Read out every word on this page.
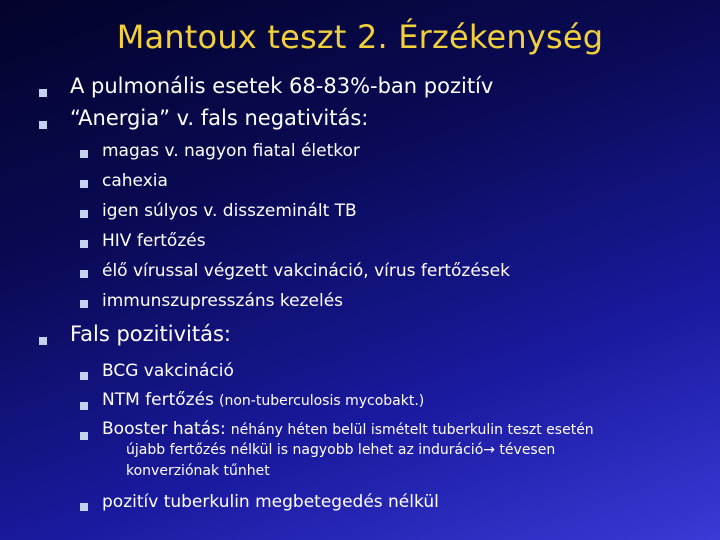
Mantoux teszt 2. Érzékenység
A pulmonális esetek 68-83%-ban pozitív
“Anergia” v. fals negativitás:
magas v. nagyon fiatal életkor
cahexia
igen súlyos v. disszeminált TB
HIV fertőzés
élő vírussal végzett vakcináció, vírus fertőzések
immunszupresszáns kezelés
Fals pozitivitás:
BCG vakcináció
NTM fertőzés (non-tuberculosis mycobakt.)
Booster hatás: néhány héten belül ismételt tuberkulin teszt esetén
újabb fertőzés nélkül is nagyobb lehet az induráció→ tévesen
konverziónak tűnhet
pozitív tuberkulin megbetegedés nélkül
